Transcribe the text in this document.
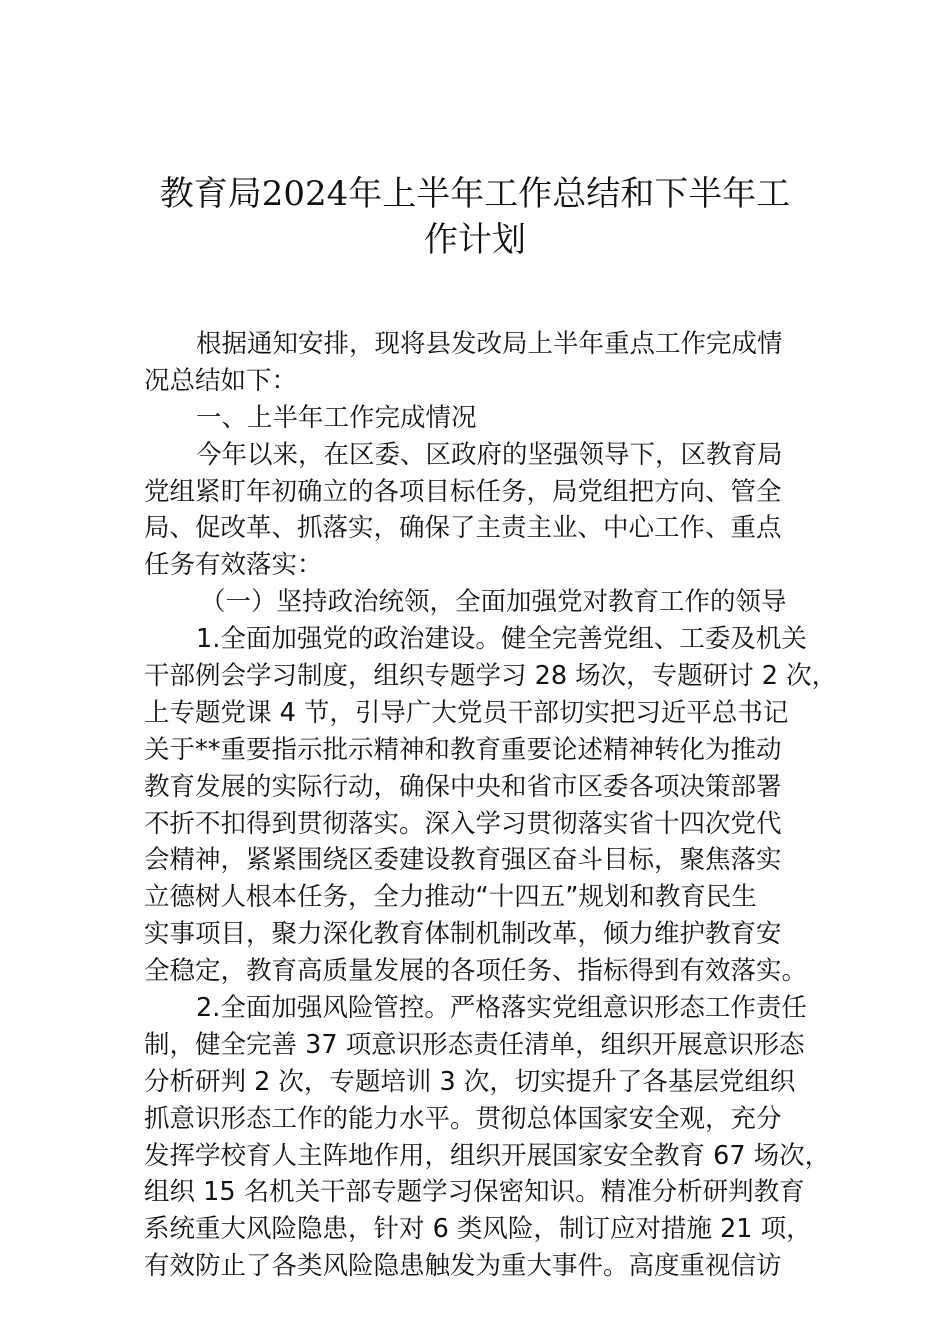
教育局2024年上半年工作总结和下半年工
作计划
根据通知安排，现将县发改局上半年重点工作完成情
况总结如下：
一、上半年工作完成情况
今年以来，在区委、区政府的坚强领导下，区教育局
党组紧盯年初确立的各项目标任务，局党组把方向、管全
局、促改革、抓落实，确保了主责主业、中心工作、重点
任务有效落实：
（一）坚持政治统领，全面加强党对教育工作的领导
1.全面加强党的政治建设。健全完善党组、工委及机关
干部例会学习制度，组织专题学习 28 场次，专题研讨 2 次，
上专题党课 4 节，引导广大党员干部切实把习近平总书记
关于**重要指示批示精神和教育重要论述精神转化为推动
教育发展的实际行动，确保中央和省市区委各项决策部署
不折不扣得到贯彻落实。深入学习贯彻落实省十四次党代
会精神，紧紧围绕区委建设教育强区奋斗目标，聚焦落实
立德树人根本任务，全力推动“十四五”规划和教育民生
实事项目，聚力深化教育体制机制改革，倾力维护教育安
全稳定，教育高质量发展的各项任务、指标得到有效落实。
2.全面加强风险管控。严格落实党组意识形态工作责任
制，健全完善 37 项意识形态责任清单，组织开展意识形态
分析研判 2 次，专题培训 3 次，切实提升了各基层党组织
抓意识形态工作的能力水平。贯彻总体国家安全观，充分
发挥学校育人主阵地作用，组织开展国家安全教育 67 场次，
组织 15 名机关干部专题学习保密知识。精准分析研判教育
系统重大风险隐患，针对 6 类风险，制订应对措施 21 项，
有效防止了各类风险隐患触发为重大事件。高度重视信访
